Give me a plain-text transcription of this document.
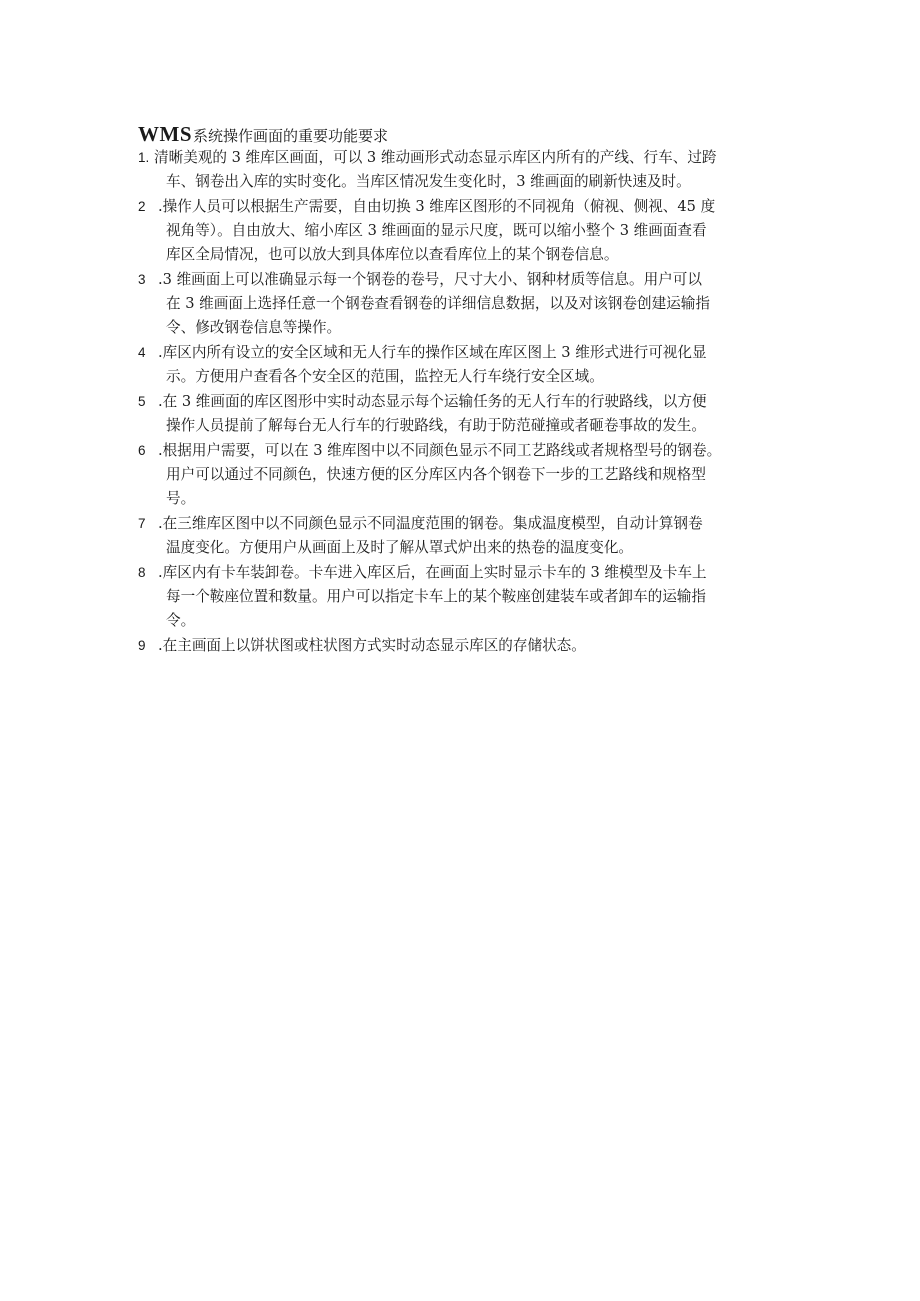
WMS系统操作画面的重要功能要求
1. 清晰美观的 3 维库区画面，可以 3 维动画形式动态显示库区内所有的产线、行车、过跨
车、钢卷出入库的实时变化。当库区情况发生变化时，3 维画面的刷新快速及时。
2 .操作人员可以根据生产需要，自由切换 3 维库区图形的不同视角（俯视、侧视、45 度
视角等）。自由放大、缩小库区 3 维画面的显示尺度，既可以缩小整个 3 维画面查看
库区全局情况，也可以放大到具体库位以查看库位上的某个钢卷信息。
3 .3 维画面上可以准确显示每一个钢卷的卷号，尺寸大小、钢种材质等信息。用户可以
在 3 维画面上选择任意一个钢卷查看钢卷的详细信息数据，以及对该钢卷创建运输指
令、修改钢卷信息等操作。
4 .库区内所有设立的安全区域和无人行车的操作区域在库区图上 3 维形式进行可视化显
示。方便用户查看各个安全区的范围，监控无人行车绕行安全区域。
5 .在 3 维画面的库区图形中实时动态显示每个运输任务的无人行车的行驶路线，以方便
操作人员提前了解每台无人行车的行驶路线，有助于防范碰撞或者砸卷事故的发生。
6 .根据用户需要，可以在 3 维库图中以不同颜色显示不同工艺路线或者规格型号的钢卷。
用户可以通过不同颜色，快速方便的区分库区内各个钢卷下一步的工艺路线和规格型
号。
7 .在三维库区图中以不同颜色显示不同温度范围的钢卷。集成温度模型，自动计算钢卷
温度变化。方便用户从画面上及时了解从罩式炉出来的热卷的温度变化。
8 .库区内有卡车装卸卷。卡车进入库区后，在画面上实时显示卡车的 3 维模型及卡车上
每一个鞍座位置和数量。用户可以指定卡车上的某个鞍座创建装车或者卸车的运输指
令。
9 .在主画面上以饼状图或柱状图方式实时动态显示库区的存储状态。
